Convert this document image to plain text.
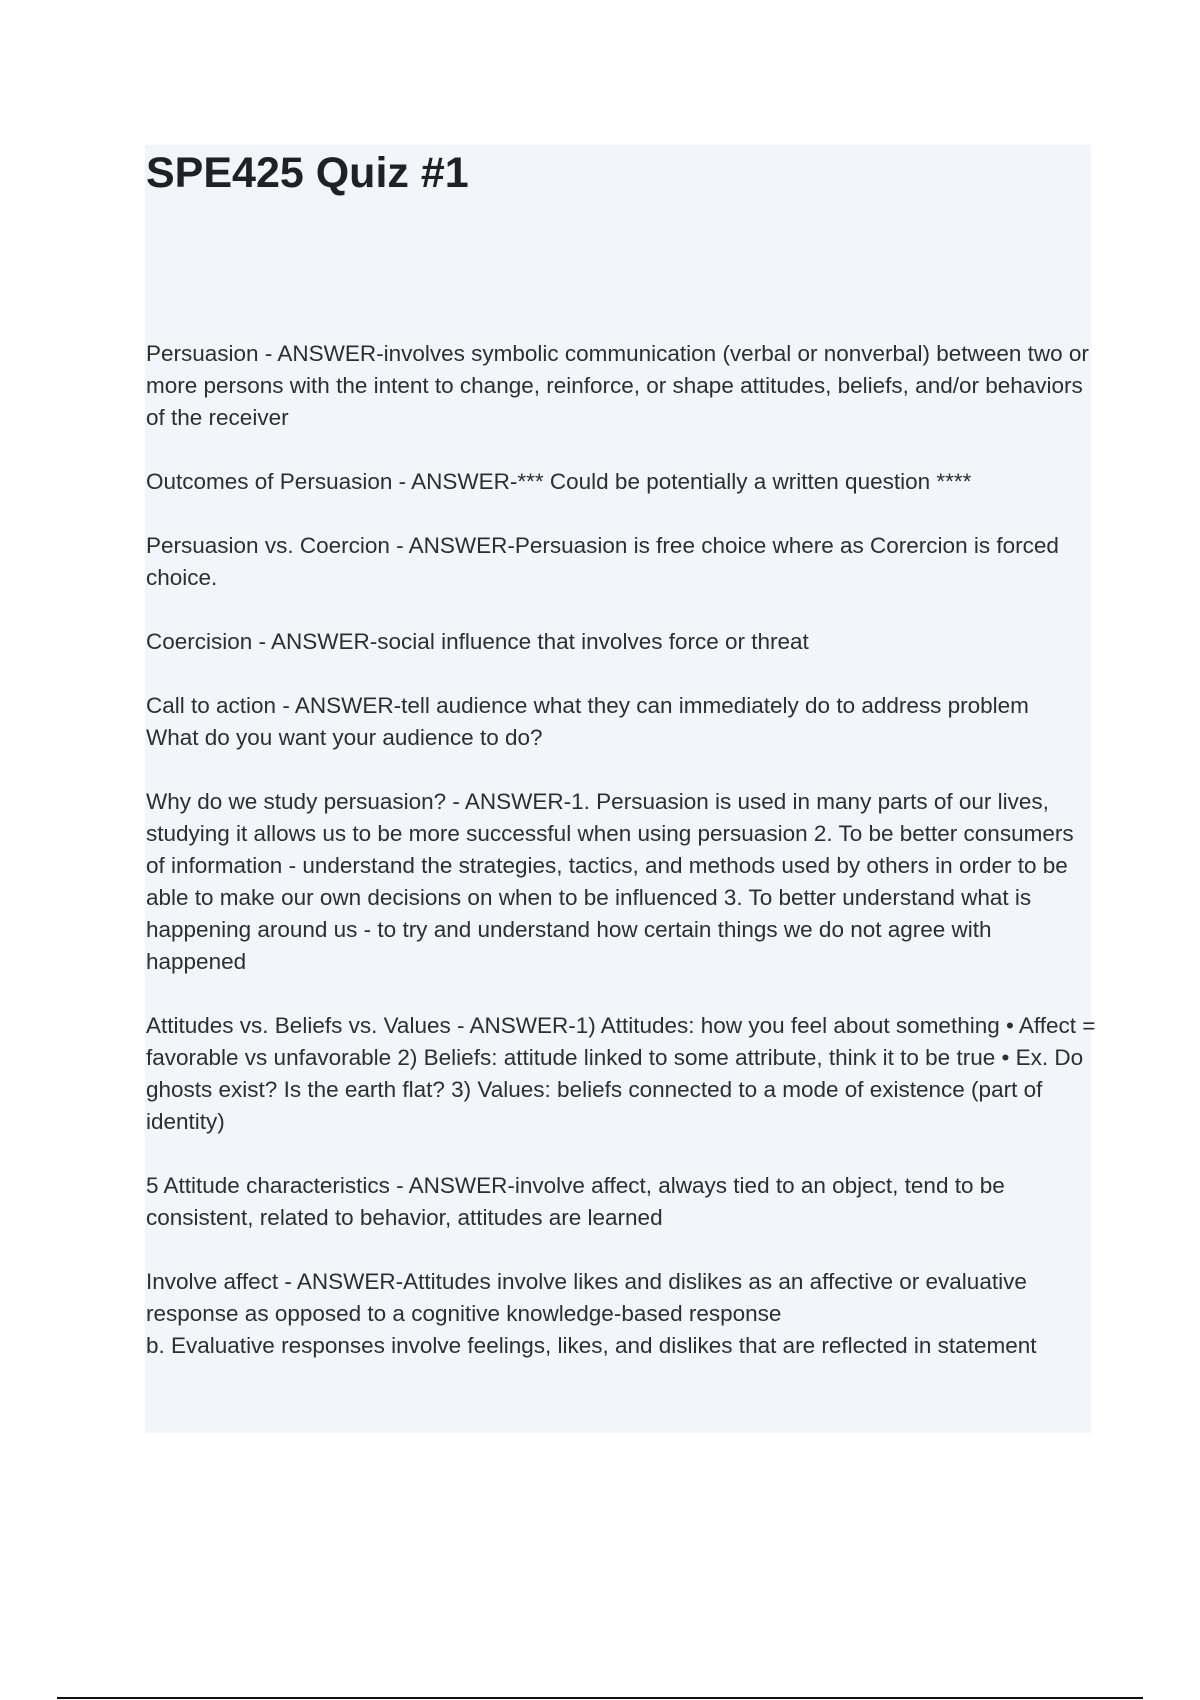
SPE425 Quiz #1

Persuasion - ANSWER-involves symbolic communication (verbal or nonverbal) between two or more persons with the intent to change, reinforce, or shape attitudes, beliefs, and/or behaviors of the receiver

Outcomes of Persuasion - ANSWER-*** Could be potentially a written question ****

Persuasion vs. Coercion - ANSWER-Persuasion is free choice where as Corercion is forced choice.

Coercision - ANSWER-social influence that involves force or threat

Call to action - ANSWER-tell audience what they can immediately do to address problem
What do you want your audience to do?

Why do we study persuasion? - ANSWER-1. Persuasion is used in many parts of our lives, studying it allows us to be more successful when using persuasion 2. To be better consumers of information - understand the strategies, tactics, and methods used by others in order to be able to make our own decisions on when to be influenced 3. To better understand what is happening around us - to try and understand how certain things we do not agree with happened

Attitudes vs. Beliefs vs. Values - ANSWER-1) Attitudes: how you feel about something • Affect = favorable vs unfavorable 2) Beliefs: attitude linked to some attribute, think it to be true • Ex. Do ghosts exist? Is the earth flat? 3) Values: beliefs connected to a mode of existence (part of identity)

5 Attitude characteristics - ANSWER-involve affect, always tied to an object, tend to be consistent, related to behavior, attitudes are learned

Involve affect - ANSWER-Attitudes involve likes and dislikes as an affective or evaluative response as opposed to a cognitive knowledge-based response
b. Evaluative responses involve feelings, likes, and dislikes that are reflected in statement
